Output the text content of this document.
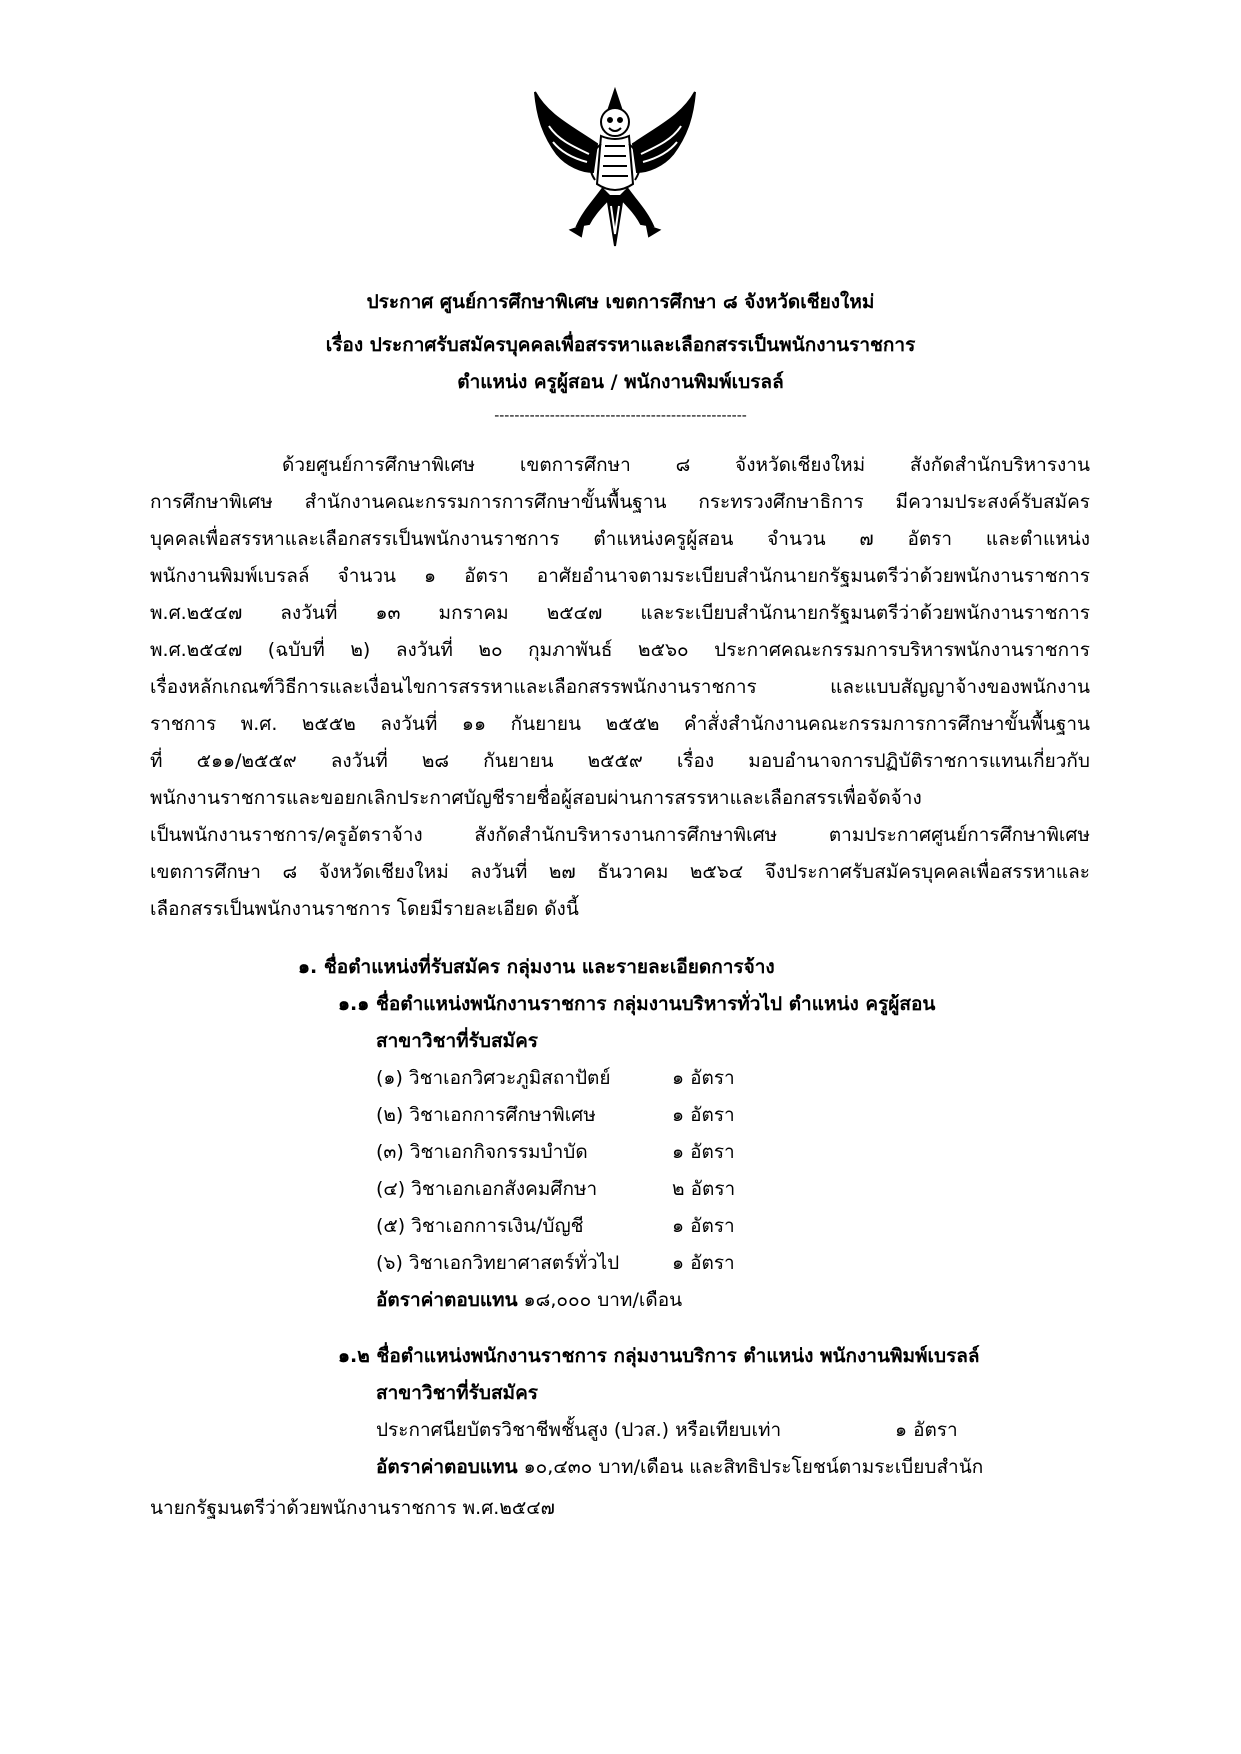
ประกาศ ศูนย์การศึกษาพิเศษ เขตการศึกษา ๘ จังหวัดเชียงใหม่
เรื่อง ประกาศรับสมัครบุคคลเพื่อสรรหาและเลือกสรรเป็นพนักงานราชการ
ตำแหน่ง ครูผู้สอน / พนักงานพิมพ์เบรลล์
--------------------------------------------------
ด้วยศูนย์การศึกษาพิเศษ เขตการศึกษา ๘ จังหวัดเชียงใหม่ สังกัดสำนักบริหารงาน
การศึกษาพิเศษ สำนักงานคณะกรรมการการศึกษาขั้นพื้นฐาน กระทรวงศึกษาธิการ มีความประสงค์รับสมัคร
บุคคลเพื่อสรรหาและเลือกสรรเป็นพนักงานราชการ ตำแหน่งครูผู้สอน จำนวน ๗ อัตรา และตำแหน่ง
พนักงานพิมพ์เบรลล์ จำนวน ๑ อัตรา อาศัยอำนาจตามระเบียบสำนักนายกรัฐมนตรีว่าด้วยพนักงานราชการ
พ.ศ.๒๕๔๗ ลงวันที่ ๑๓ มกราคม ๒๕๔๗ และระเบียบสำนักนายกรัฐมนตรีว่าด้วยพนักงานราชการ
พ.ศ.๒๕๔๗ (ฉบับที่ ๒) ลงวันที่ ๒๐ กุมภาพันธ์ ๒๕๖๐ ประกาศคณะกรรมการบริหารพนักงานราชการ
เรื่องหลักเกณฑ์วิธีการและเงื่อนไขการสรรหาและเลือกสรรพนักงานราชการ และแบบสัญญาจ้างของพนักงาน
ราชการ พ.ศ. ๒๕๕๒ ลงวันที่ ๑๑ กันยายน ๒๕๕๒ คำสั่งสำนักงานคณะกรรมการการศึกษาขั้นพื้นฐาน
ที่ ๕๑๑/๒๕๕๙ ลงวันที่ ๒๘ กันยายน ๒๕๕๙ เรื่อง มอบอำนาจการปฏิบัติราชการแทนเกี่ยวกับ
พนักงานราชการและขอยกเลิกประกาศบัญชีรายชื่อผู้สอบผ่านการสรรหาและเลือกสรรเพื่อจัดจ้าง
เป็นพนักงานราชการ/ครูอัตราจ้าง สังกัดสำนักบริหารงานการศึกษาพิเศษ ตามประกาศศูนย์การศึกษาพิเศษ
เขตการศึกษา ๘ จังหวัดเชียงใหม่ ลงวันที่ ๒๗ ธันวาคม ๒๕๖๔ จึงประกาศรับสมัครบุคคลเพื่อสรรหาและ
เลือกสรรเป็นพนักงานราชการ โดยมีรายละเอียด ดังนี้
๑. ชื่อตำแหน่งที่รับสมัคร กลุ่มงาน และรายละเอียดการจ้าง
๑.๑ ชื่อตำแหน่งพนักงานราชการ กลุ่มงานบริหารทั่วไป ตำแหน่ง ครูผู้สอน
สาขาวิชาที่รับสมัคร
(๑) วิชาเอกวิศวะภูมิสถาปัตย์	๑ อัตรา
(๒) วิชาเอกการศึกษาพิเศษ	๑ อัตรา
(๓) วิชาเอกกิจกรรมบำบัด	๑ อัตรา
(๔) วิชาเอกเอกสังคมศึกษา	๒ อัตรา
(๕) วิชาเอกการเงิน/บัญชี	๑ อัตรา
(๖) วิชาเอกวิทยาศาสตร์ทั่วไป	๑ อัตรา
อัตราค่าตอบแทน ๑๘,๐๐๐ บาท/เดือน
๑.๒ ชื่อตำแหน่งพนักงานราชการ กลุ่มงานบริการ ตำแหน่ง พนักงานพิมพ์เบรลล์
สาขาวิชาที่รับสมัคร
ประกาศนียบัตรวิชาชีพชั้นสูง (ปวส.) หรือเทียบเท่า	๑ อัตรา
อัตราค่าตอบแทน ๑๐,๔๓๐ บาท/เดือน และสิทธิประโยชน์ตามระเบียบสำนัก
นายกรัฐมนตรีว่าด้วยพนักงานราชการ พ.ศ.๒๕๔๗
